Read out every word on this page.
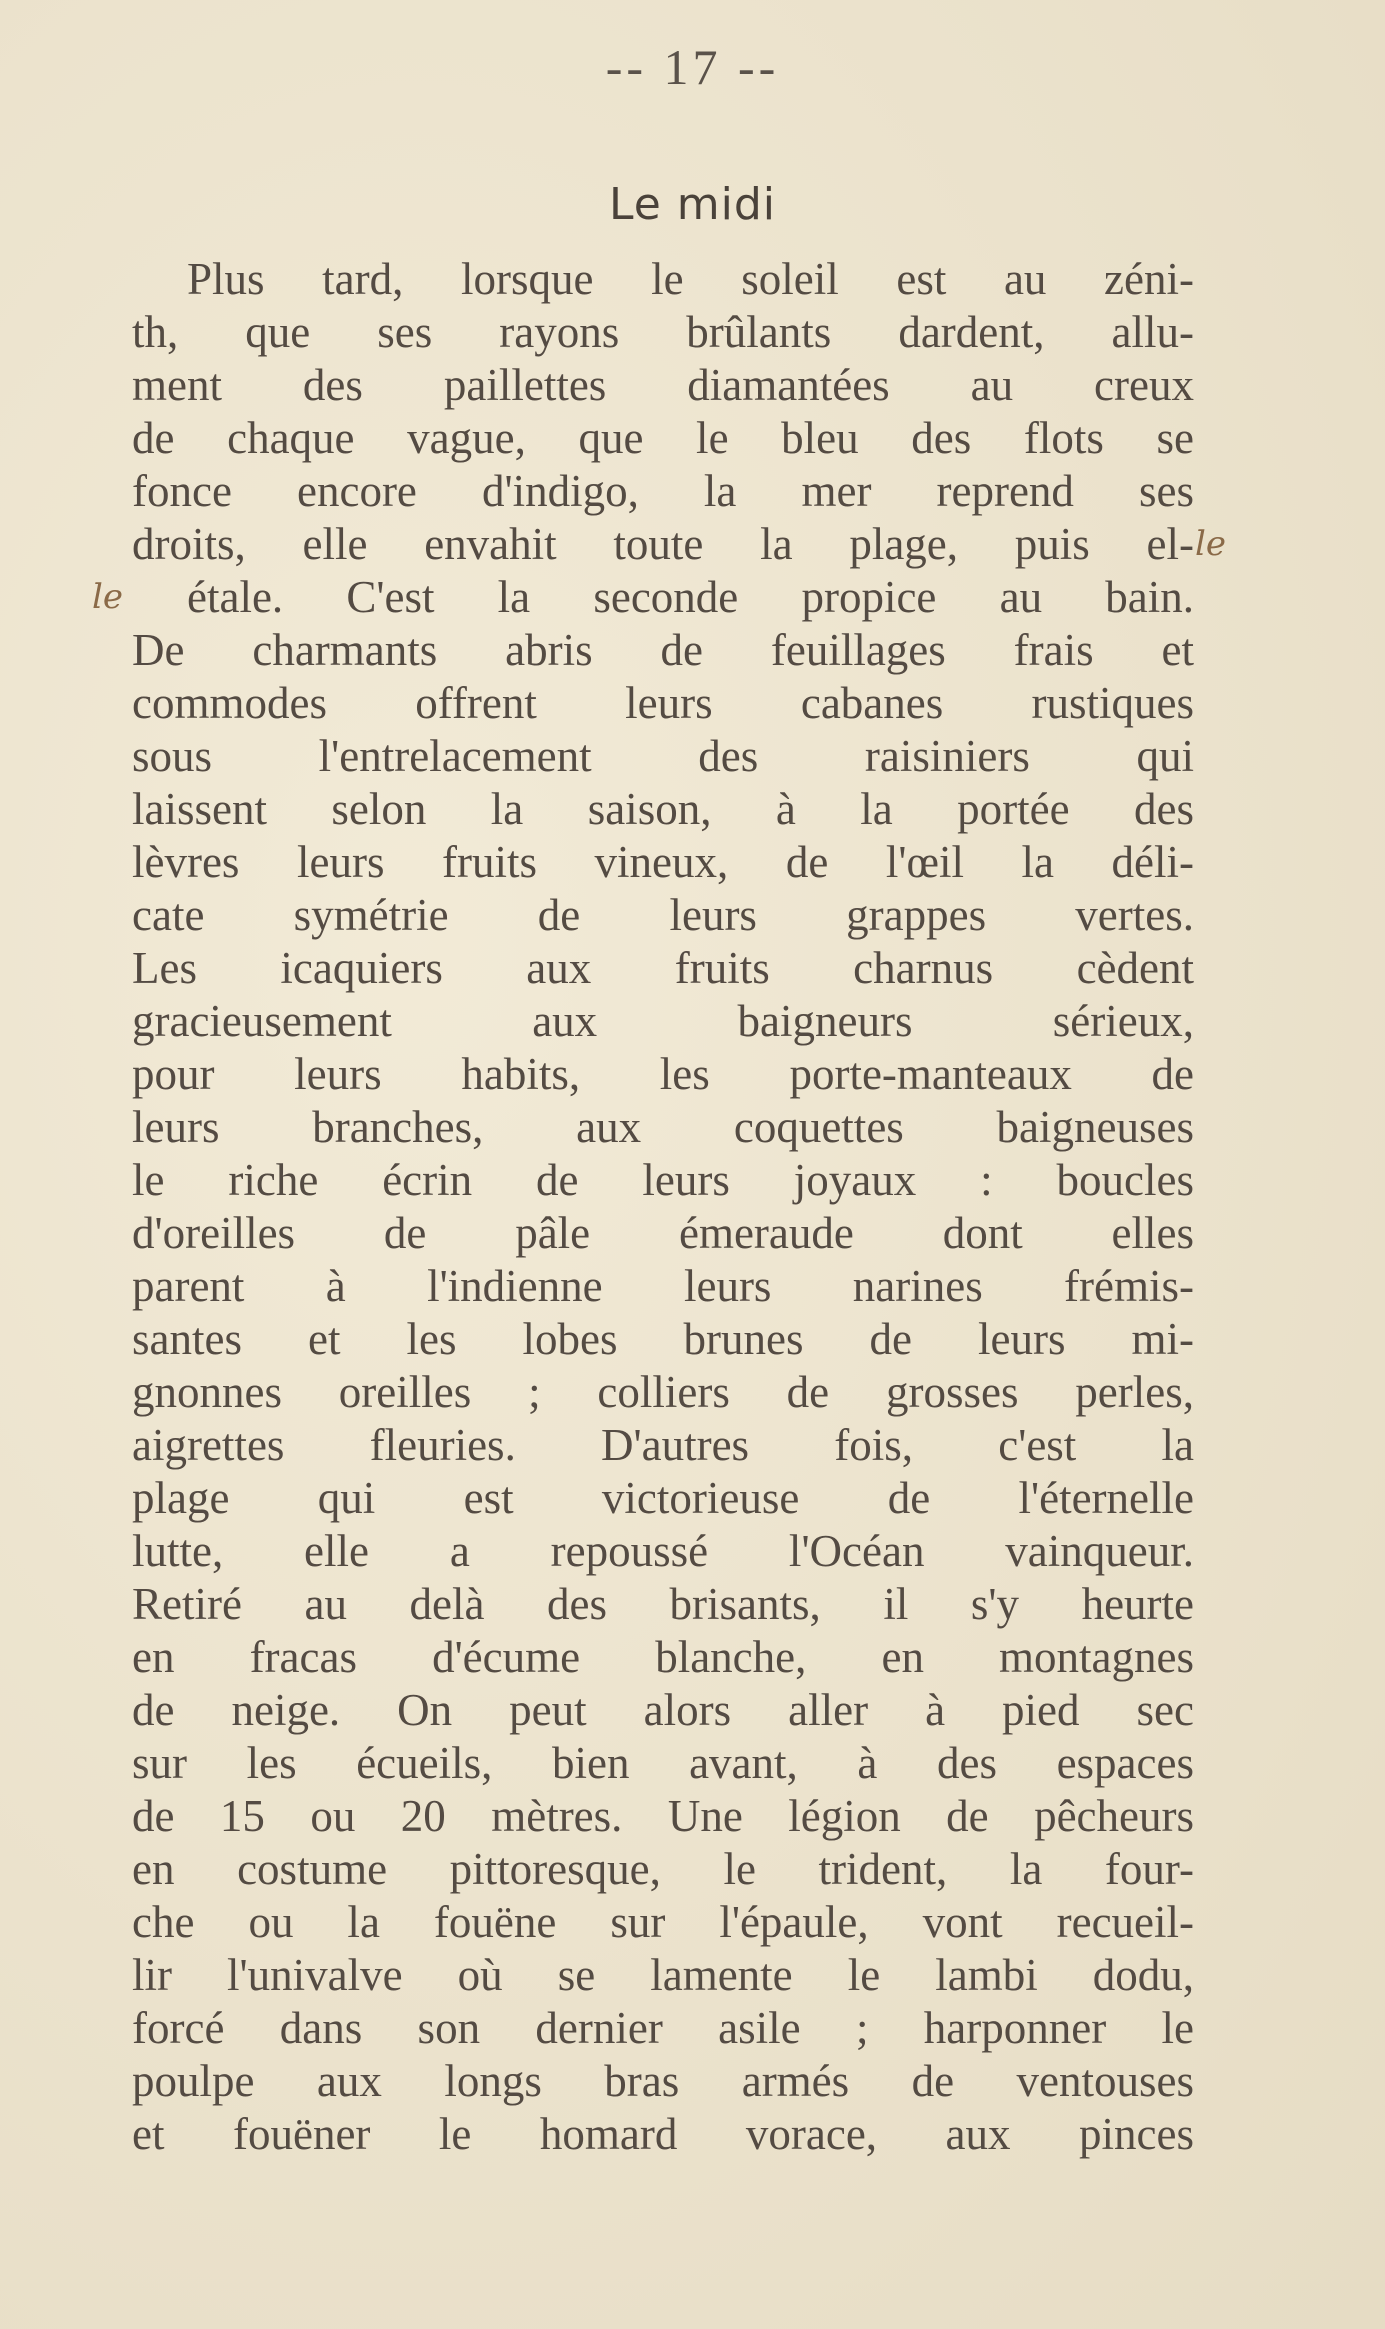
-- 17 --
Le midi
Plus tard, lorsque le soleil est au zéni-
th, que ses rayons brûlants dardent, allu-
ment des paillettes diamantées au creux
de chaque vague, que le bleu des flots se
fonce encore d'indigo, la mer reprend ses
droits, elle envahit toute la plage, puis el- le
étale. C'est la seconde propice au bain.
le
De charmants abris de feuillages frais et
commodes offrent leurs cabanes rustiques
sous l'entrelacement des raisiniers qui
laissent selon la saison, à la portée des
lèvres leurs fruits vineux, de l'œil la déli-
cate symétrie de leurs grappes vertes.
Les icaquiers aux fruits charnus cèdent
gracieusement aux baigneurs sérieux,
pour leurs habits, les porte-manteaux de
leurs branches, aux coquettes baigneuses
le riche écrin de leurs joyaux : boucles
d'oreilles de pâle émeraude dont elles
parent à l'indienne leurs narines frémis-
santes et les lobes brunes de leurs mi-
gnonnes oreilles ; colliers de grosses perles,
aigrettes fleuries. D'autres fois, c'est la
plage qui est victorieuse de l'éternelle
lutte, elle a repoussé l'Océan vainqueur.
Retiré au delà des brisants, il s'y heurte
en fracas d'écume blanche, en montagnes
de neige. On peut alors aller à pied sec
sur les écueils, bien avant, à des espaces
de 15 ou 20 mètres. Une légion de pêcheurs
en costume pittoresque, le trident, la four-
che ou la fouëne sur l'épaule, vont recueil-
lir l'univalve où se lamente le lambi dodu,
forcé dans son dernier asile ; harponner le
poulpe aux longs bras armés de ventouses
et fouëner le homard vorace, aux pinces
